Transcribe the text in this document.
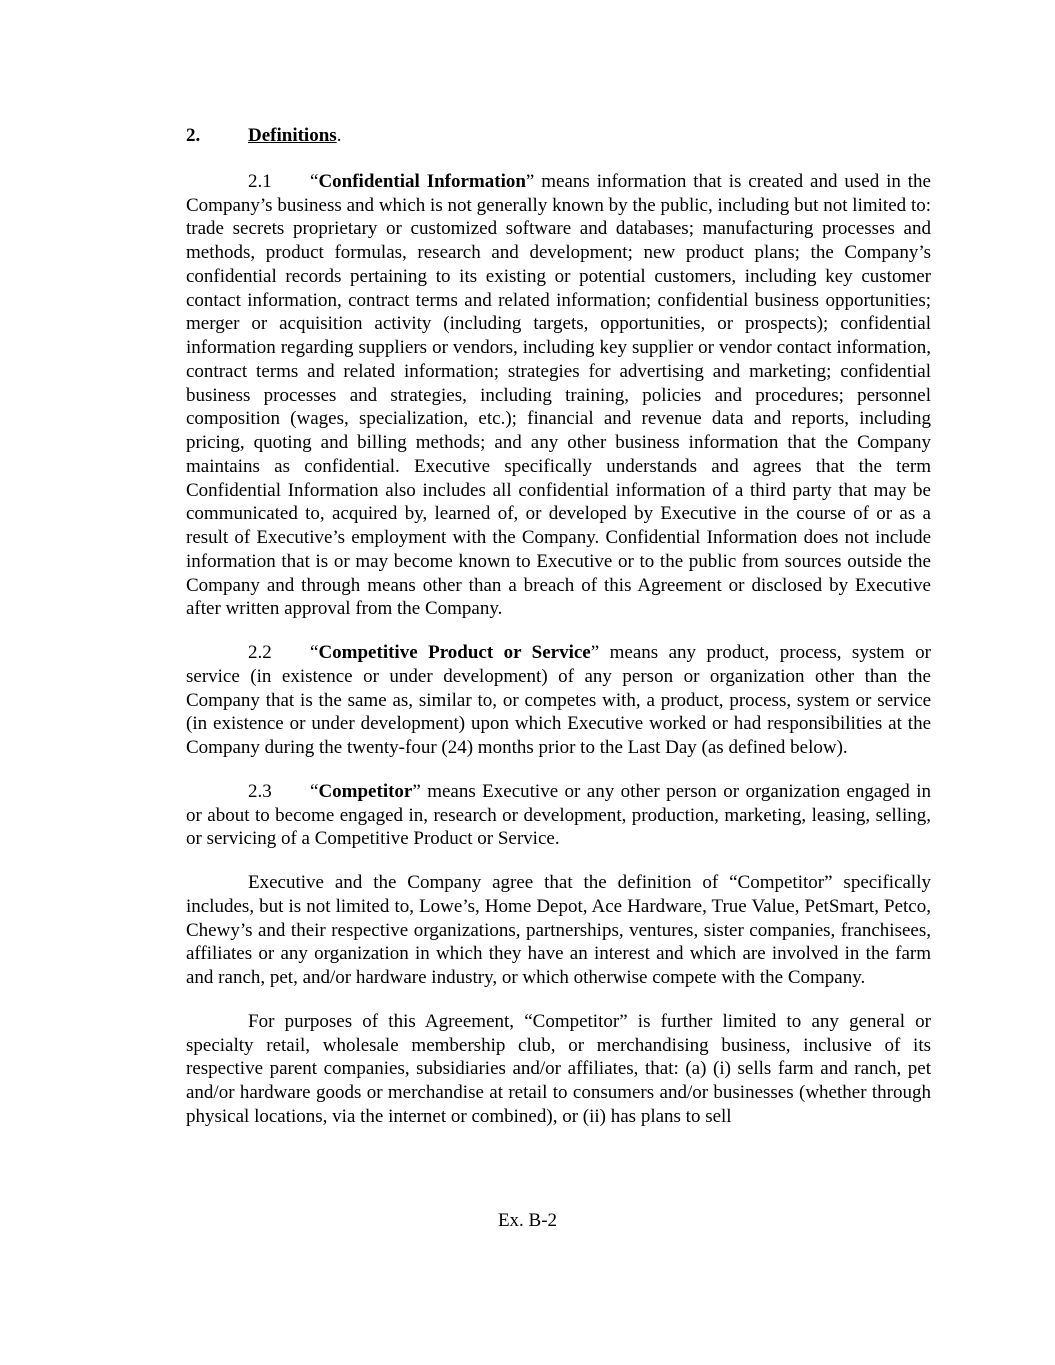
2.	Definitions.

2.1 “Confidential Information” means information that is created and used in the Company’s business and which is not generally known by the public, including but not limited to: trade secrets proprietary or customized software and databases; manufacturing processes and methods, product formulas, research and development; new product plans; the Company’s confidential records pertaining to its existing or potential customers, including key customer contact information, contract terms and related information; confidential business opportunities; merger or acquisition activity (including targets, opportunities, or prospects); confidential information regarding suppliers or vendors, including key supplier or vendor contact information, contract terms and related information; strategies for advertising and marketing; confidential business processes and strategies, including training, policies and procedures; personnel composition (wages, specialization, etc.); financial and revenue data and reports, including pricing, quoting and billing methods; and any other business information that the Company maintains as confidential. Executive specifically understands and agrees that the term Confidential Information also includes all confidential information of a third party that may be communicated to, acquired by, learned of, or developed by Executive in the course of or as a result of Executive’s employment with the Company. Confidential Information does not include information that is or may become known to Executive or to the public from sources outside the Company and through means other than a breach of this Agreement or disclosed by Executive after written approval from the Company.

2.2 “Competitive Product or Service” means any product, process, system or service (in existence or under development) of any person or organization other than the Company that is the same as, similar to, or competes with, a product, process, system or service (in existence or under development) upon which Executive worked or had responsibilities at the Company during the twenty-four (24) months prior to the Last Day (as defined below).

2.3 “Competitor” means Executive or any other person or organization engaged in or about to become engaged in, research or development, production, marketing, leasing, selling, or servicing of a Competitive Product or Service.

Executive and the Company agree that the definition of “Competitor” specifically includes, but is not limited to, Lowe’s, Home Depot, Ace Hardware, True Value, PetSmart, Petco, Chewy’s and their respective organizations, partnerships, ventures, sister companies, franchisees, affiliates or any organization in which they have an interest and which are involved in the farm and ranch, pet, and/or hardware industry, or which otherwise compete with the Company.

For purposes of this Agreement, “Competitor” is further limited to any general or specialty retail, wholesale membership club, or merchandising business, inclusive of its respective parent companies, subsidiaries and/or affiliates, that: (a) (i) sells farm and ranch, pet and/or hardware goods or merchandise at retail to consumers and/or businesses (whether through physical locations, via the internet or combined), or (ii) has plans to sell

Ex. B-2
